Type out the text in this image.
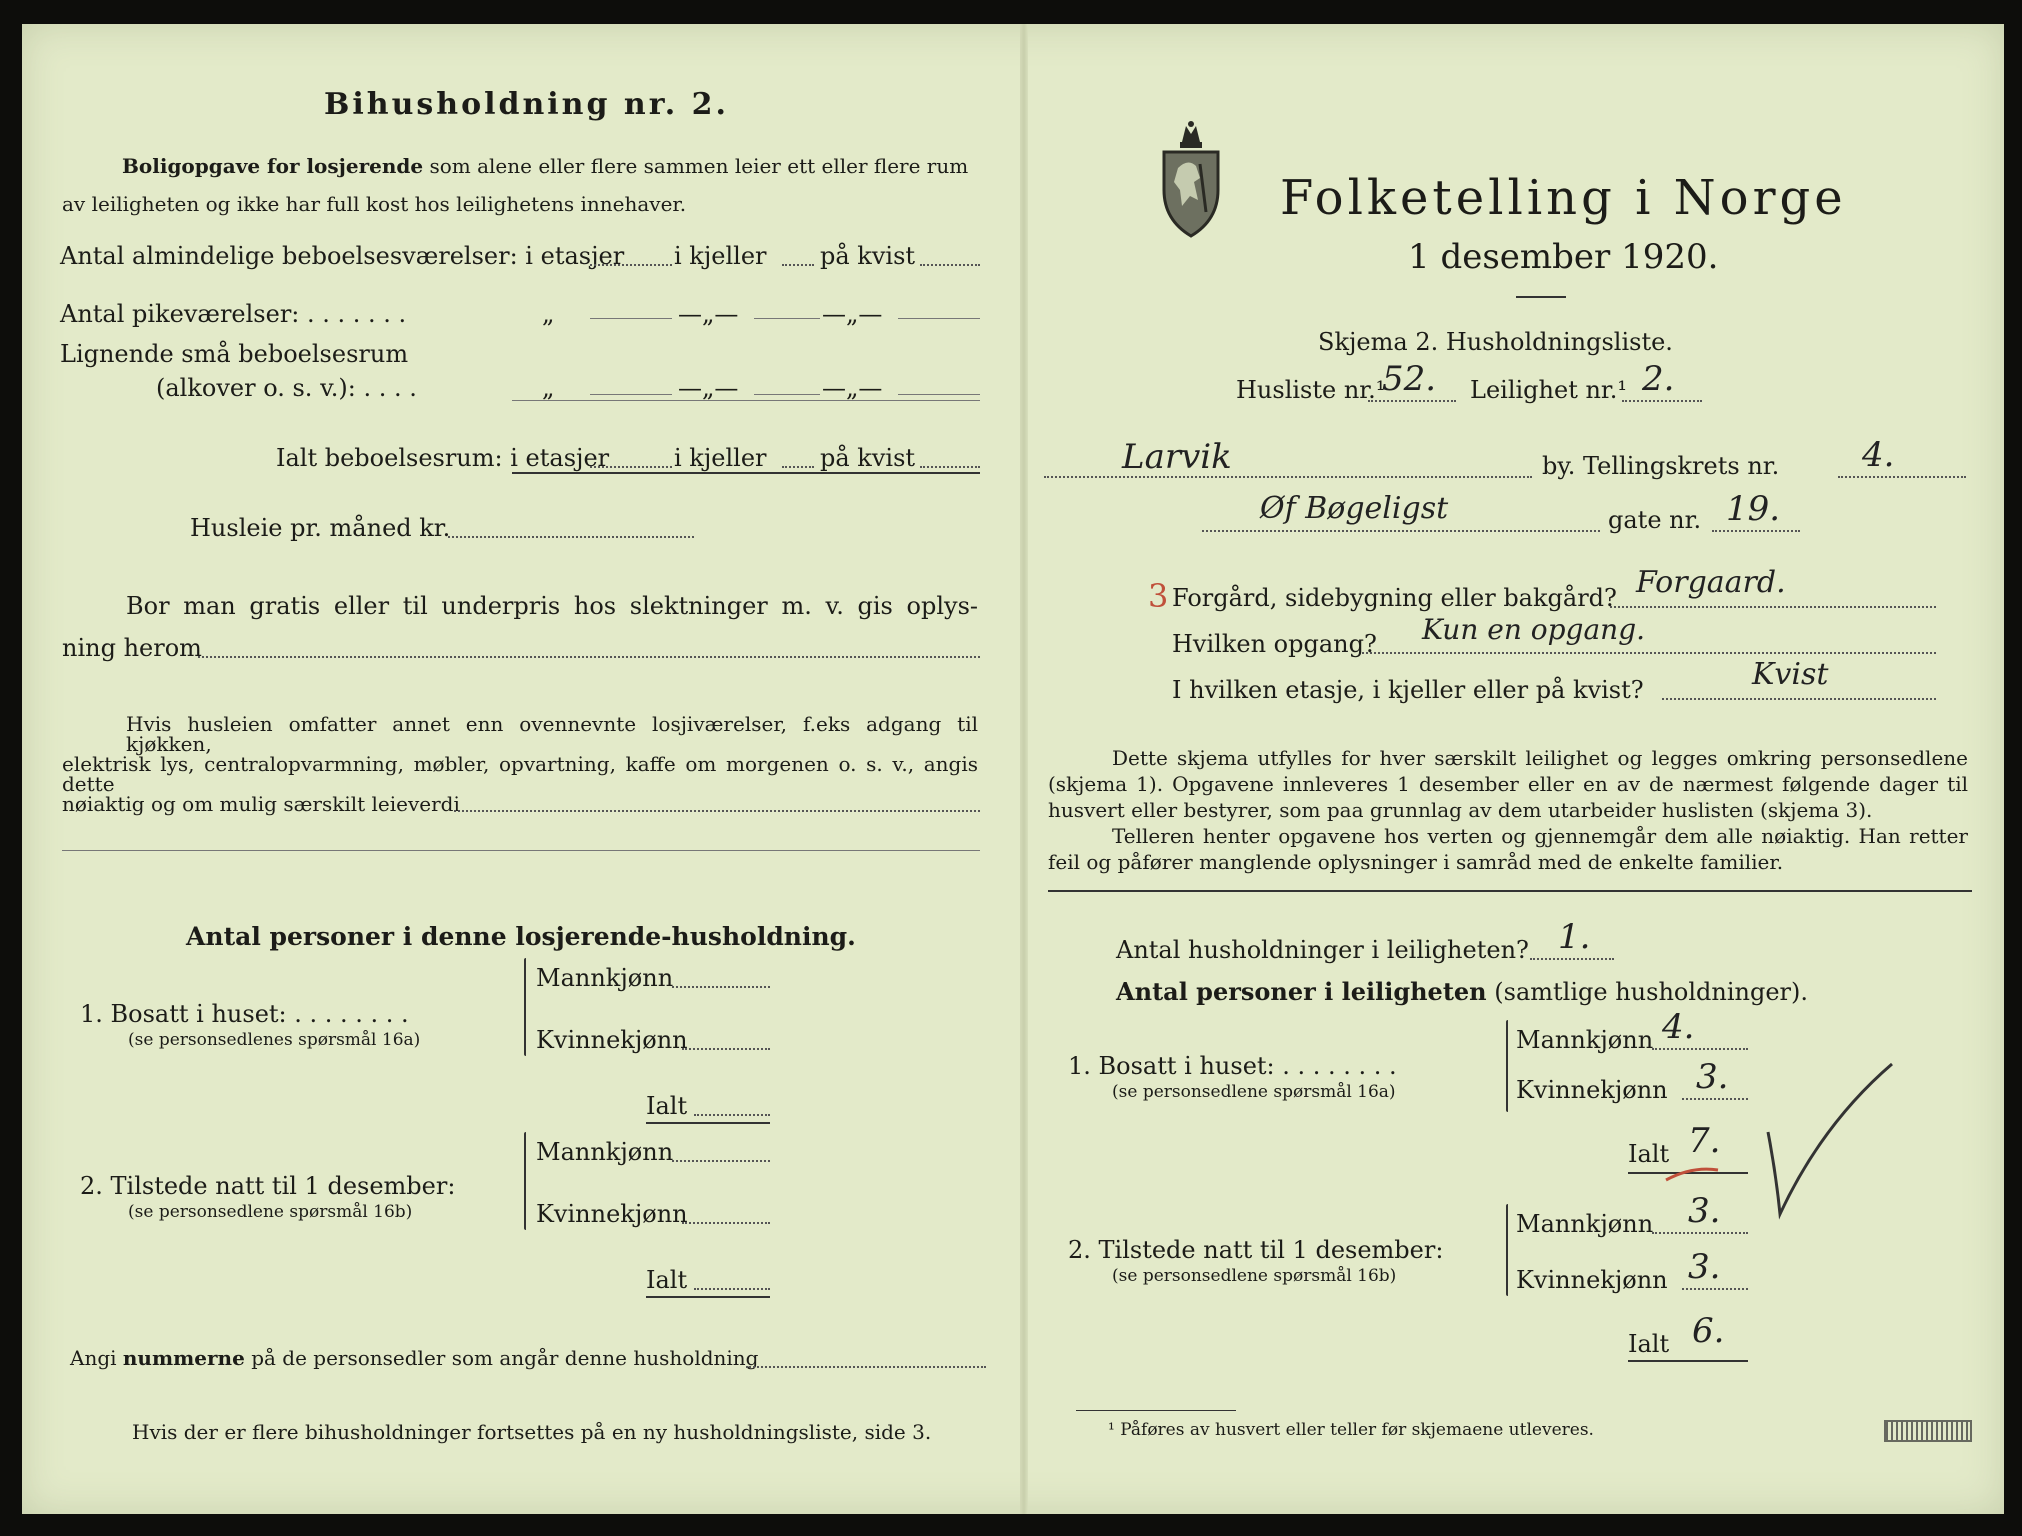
Bihusholdning nr. 2.
Boligopgave for losjerende som alene eller flere sammen leier ett eller flere rum
av leiligheten og ikke har full kost hos leilighetens innehaver.
Antal almindelige beboelsesværelser: i etasjer i kjeller på kvist
Antal pikeværelser: . . . . . . .	„	—„—	—„—
Lignende små beboelsesrum
(alkover o. s. v.): . . . .	„	—„—	—„—
Ialt beboelsesrum: i etasjer	i kjeller på kvist
Husleie pr. måned kr.
Bor man gratis eller til underpris hos slektninger m. v. gis oplys-
ning herom
Hvis husleien omfatter annet enn ovennevnte losjiværelser, f.eks adgang til kjøkken,
elektrisk lys, centralopvarmning, møbler, opvartning, kaffe om morgenen o. s. v., angis dette
nøiaktig og om mulig særskilt leieverdi
Antal personer i denne losjerende-husholdning.
1. Bosatt i huset: . . . . . . . .
(se personsedlenes spørsmål 16a)
Mannkjønn
Kvinnekjønn
Ialt
2. Tilstede natt til 1 desember:
(se personsedlene spørsmål 16b)
Mannkjønn
Kvinnekjønn
Ialt
Angi nummerne på de personsedler som angår denne husholdning
Hvis der er flere bihusholdninger fortsettes på en ny husholdningsliste, side 3.
Folketelling i Norge
1 desember 1920.
Skjema 2. Husholdningsliste.
Husliste nr.¹
52. Leilighet nr.¹ 2.
Larvik	by. Tellingskrets nr. 4.
Øf Bøgeligst	gate nr. 19.
3 Forgård, sidebygning eller bakgård? Forgaard.
Hvilken opgang? Kun en opgang.
I hvilken etasje, i kjeller eller på kvist?	Kvist
Dette skjema utfylles for hver særskilt leilighet og legges omkring personsedlene
(skjema 1). Opgavene innleveres 1 desember eller en av de nærmest følgende dager til
husvert eller bestyrer, som paa grunnlag av dem utarbeider huslisten (skjema 3).
Telleren henter opgavene hos verten og gjennemgår dem alle nøiaktig. Han retter
feil og påfører manglende oplysninger i samråd med de enkelte familier.
Antal husholdninger i leiligheten? 1.
Antal personer i leiligheten (samtlige husholdninger).
1. Bosatt i huset: . . . . . . . .
(se personsedlene spørsmål 16a)
Mannkjønn 4.
Kvinnekjønn 3.
Ialt 7.
2. Tilstede natt til 1 desember:
(se personsedlene spørsmål 16b)
Mannkjønn 3.
Kvinnekjønn 3.
Ialt 6.
¹ Påføres av husvert eller teller før skjemaene utleveres.
